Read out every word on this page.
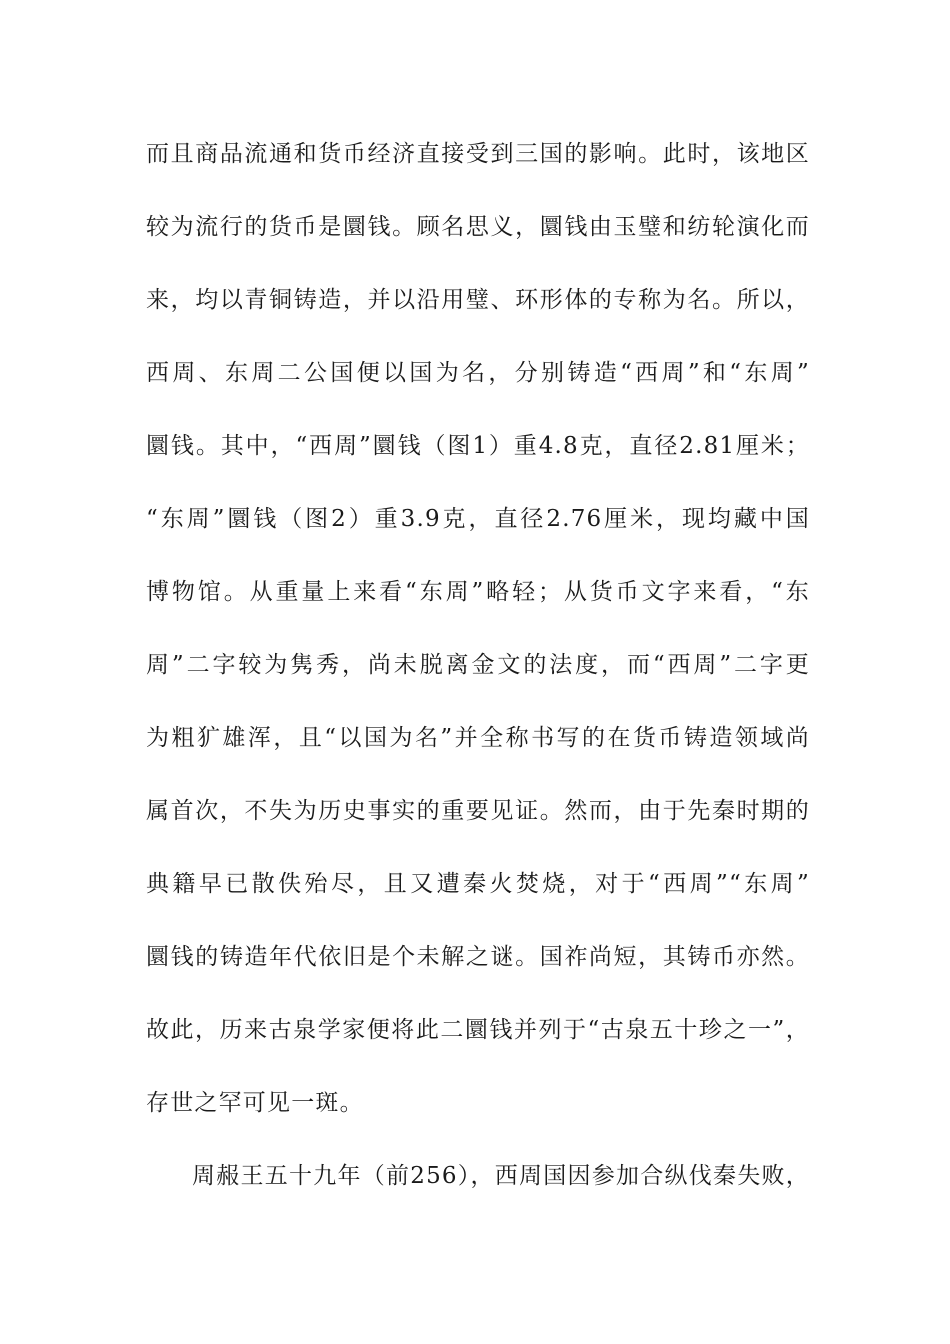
而且商品流通和货币经济直接受到三国的影响。此时，该地区
较为流行的货币是圜钱。顾名思义，圜钱由玉璧和纺轮演化而
来，均以青铜铸造，并以沿用璧、环形体的专称为名。所以，
西周、东周二公国便以国为名，分别铸造“西周”和“东周”
圜钱。其中，“西周”圜钱（图1）重4.8克，直径2.81厘米；
“东周”圜钱（图2）重3.9克，直径2.76厘米，现均藏中国
博物馆。从重量上来看“东周”略轻；从货币文字来看，“东
周”二字较为隽秀，尚未脱离金文的法度，而“西周”二字更
为粗犷雄浑，且“以国为名”并全称书写的在货币铸造领域尚
属首次，不失为历史事实的重要见证。然而，由于先秦时期的
典籍早已散佚殆尽，且又遭秦火焚烧，对于“西周”“东周”
圜钱的铸造年代依旧是个未解之谜。国祚尚短，其铸币亦然。
故此，历来古泉学家便将此二圜钱并列于“古泉五十珍之一”，
存世之罕可见一斑。
周赧王五十九年（前256），西周国因参加合纵伐秦失败，
